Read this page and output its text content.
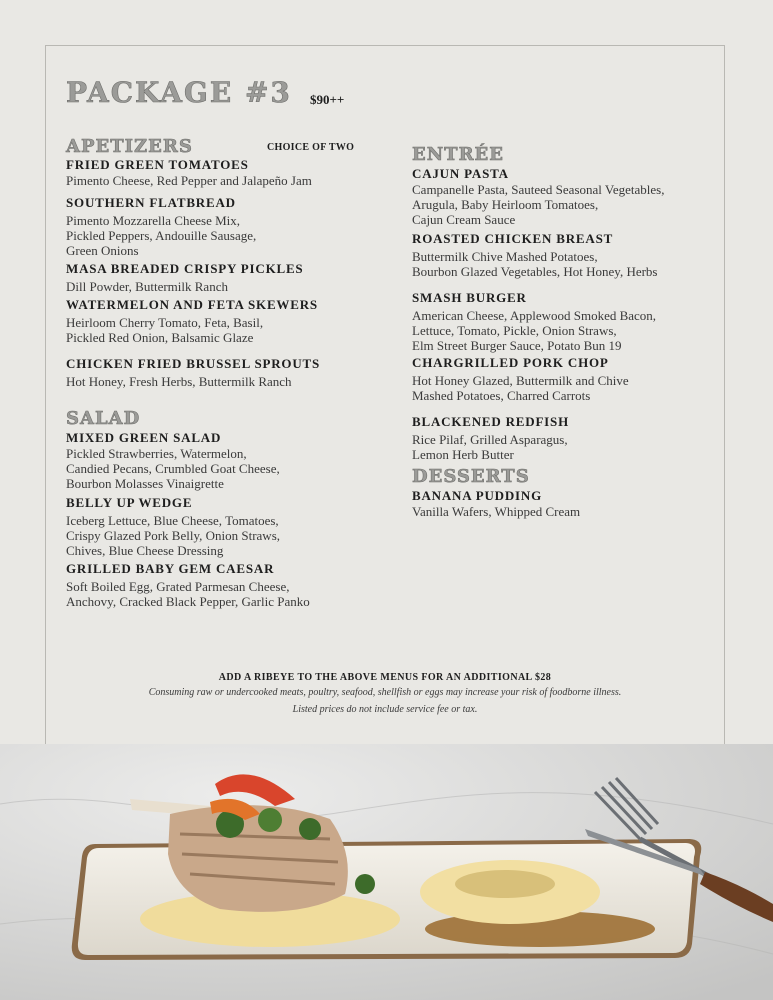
PACKAGE #3 $90++
APETIZERS	CHOICE OF TWO
FRIED GREEN TOMATOES
Pimento Cheese, Red Pepper and Jalapeño Jam
SOUTHERN FLATBREAD
Pimento Mozzarella Cheese Mix,
Pickled Peppers, Andouille Sausage,
Green Onions
MASA BREADED CRISPY PICKLES
Dill Powder, Buttermilk Ranch
WATERMELON AND FETA SKEWERS
Heirloom Cherry Tomato, Feta, Basil,
Pickled Red Onion, Balsamic Glaze
CHICKEN FRIED BRUSSEL SPROUTS
Hot Honey, Fresh Herbs, Buttermilk Ranch
SALAD
MIXED GREEN SALAD
Pickled Strawberries, Watermelon,
Candied Pecans, Crumbled Goat Cheese,
Bourbon Molasses Vinaigrette
BELLY UP WEDGE
Iceberg Lettuce, Blue Cheese, Tomatoes,
Crispy Glazed Pork Belly, Onion Straws,
Chives, Blue Cheese Dressing
GRILLED BABY GEM CAESAR
Soft Boiled Egg, Grated Parmesan Cheese,
Anchovy, Cracked Black Pepper, Garlic Panko
ENTRÉE
CAJUN PASTA
Campanelle Pasta, Sauteed Seasonal Vegetables,
Arugula, Baby Heirloom Tomatoes,
Cajun Cream Sauce
ROASTED CHICKEN BREAST
Buttermilk Chive Mashed Potatoes,
Bourbon Glazed Vegetables, Hot Honey, Herbs
SMASH BURGER
American Cheese, Applewood Smoked Bacon,
Lettuce, Tomato, Pickle, Onion Straws,
Elm Street Burger Sauce, Potato Bun 19
CHARGRILLED PORK CHOP
Hot Honey Glazed, Buttermilk and Chive
Mashed Potatoes, Charred Carrots
BLACKENED REDFISH
Rice Pilaf, Grilled Asparagus,
Lemon Herb Butter
DESSERTS
BANANA PUDDING
Vanilla Wafers, Whipped Cream
ADD A RIBEYE TO THE ABOVE MENUS FOR AN ADDITIONAL $28
Consuming raw or undercooked meats, poultry, seafood, shellfish or eggs may increase your risk of foodborne illness.
Listed prices do not include service fee or tax.
